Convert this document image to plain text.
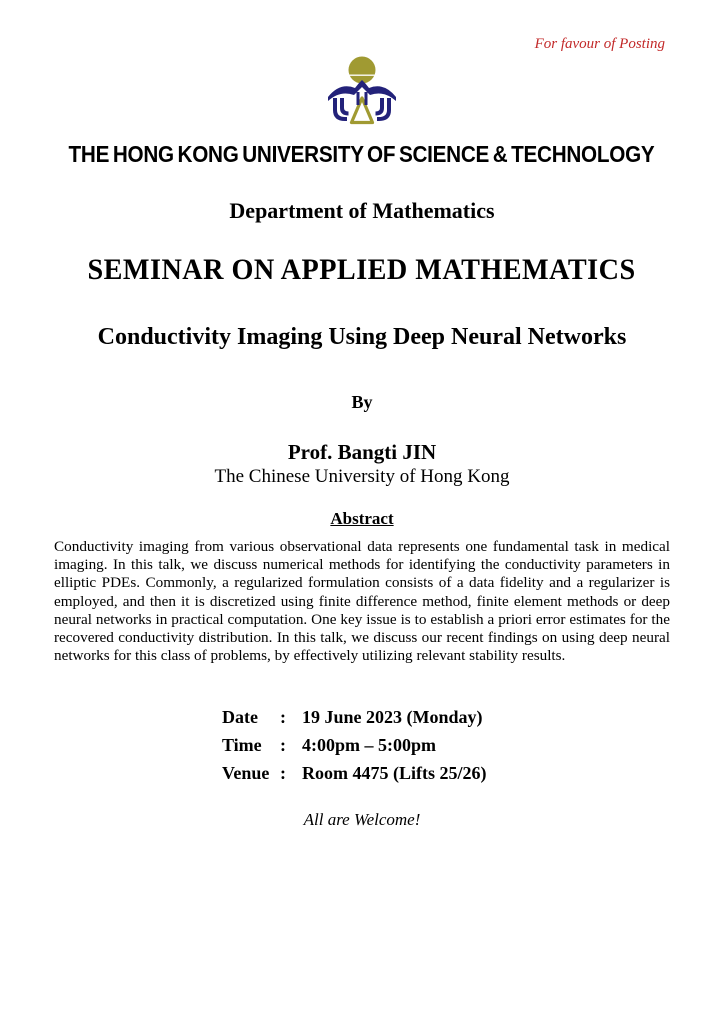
For favour of Posting
THE HONG KONG UNIVERSITY OF SCIENCE & TECHNOLOGY
Department of Mathematics
SEMINAR ON APPLIED MATHEMATICS
Conductivity Imaging Using Deep Neural Networks
By
Prof. Bangti JIN
The Chinese University of Hong Kong
Abstract
Conductivity imaging from various observational data represents one fundamental task in medical imaging. In this talk, we discuss numerical methods for identifying the conductivity parameters in elliptic PDEs. Commonly, a regularized formulation consists of a data fidelity and a regularizer is employed, and then it is discretized using finite difference method, finite element methods or deep neural networks in practical computation. One key issue is to establish a priori error estimates for the recovered conductivity distribution. In this talk, we discuss our recent findings on using deep neural networks for this class of problems, by effectively utilizing relevant stability results.
Date	: 19 June 2023 (Monday)
Time	: 4:00pm – 5:00pm
Venue : Room 4475 (Lifts 25/26)
All are Welcome!
